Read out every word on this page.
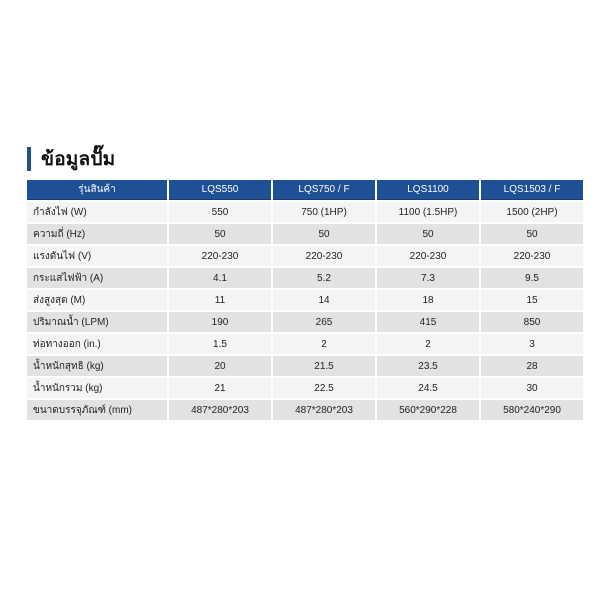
ข้อมูลปั๊ม
รุ่นสินค้า	LQS550	LQS750 / F	LQS1100	LQS1503 / F
กำลังไฟ (W)	550	750 (1HP)	1100 (1.5HP)	1500 (2HP)
ความถี่ (Hz)	50	50	50	50
แรงดันไฟ (V)	220-230	220-230	220-230	220-230
กระแสไฟฟ้า (A)	4.1	5.2	7.3	9.5
ส่งสูงสุด (M)	11	14	18	15
ปริมาณน้ำ (LPM)	190	265	415	850
ท่อทางออก (in.)	1.5	2	2	3
น้ำหนักสุทธิ (kg)	20	21.5	23.5	28
น้ำหนักรวม (kg)	21	22.5	24.5	30
ขนาดบรรจุภัณฑ์ (mm)	487*280*203	487*280*203	560*290*228	580*240*290
